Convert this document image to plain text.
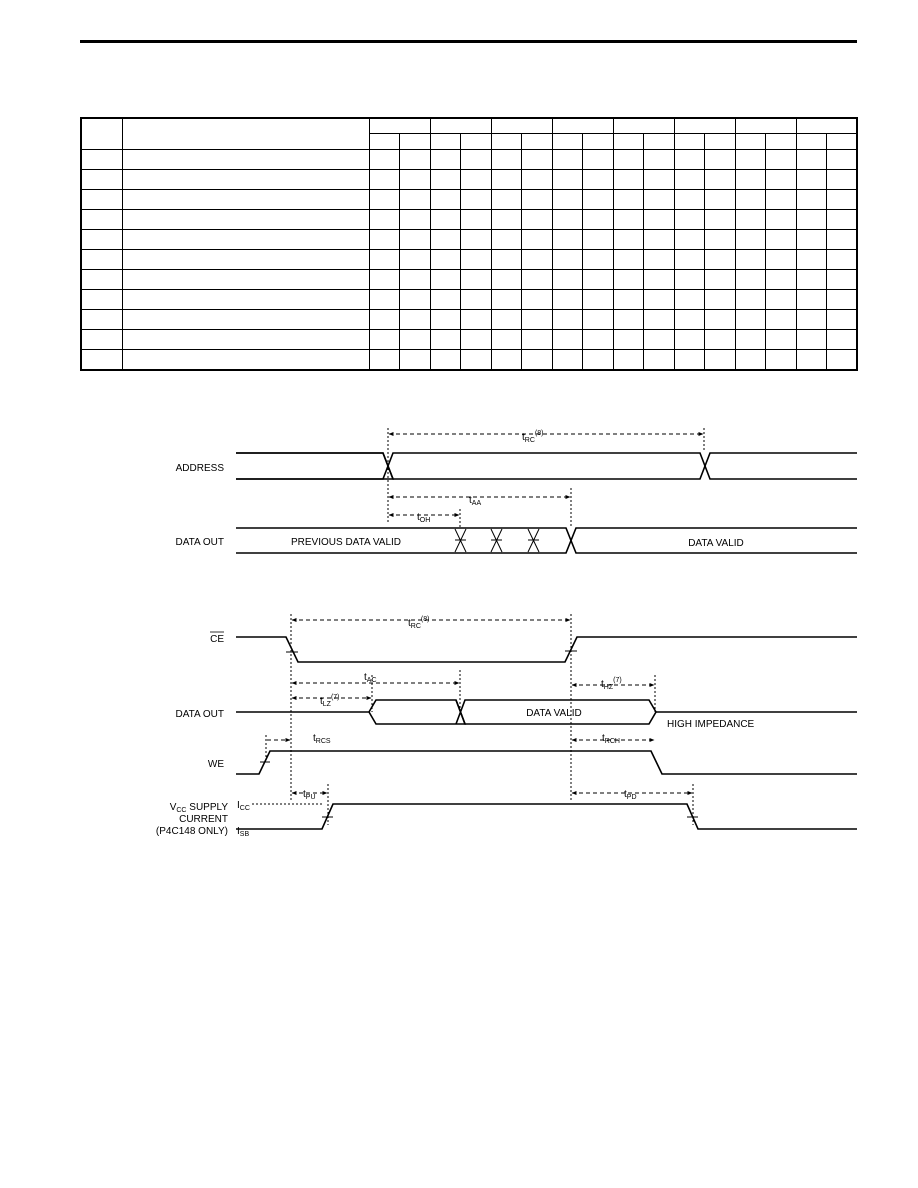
ADDRESS
DATA OUT	PREVIOUS DATA VALID	DATA VALID
$t_{RC}^{(8)}$
$t_{AA}$
$t_{OH}$
CE
DATA OUT
WE
$V_{CC}$ SUPPLY
CURRENT
(P4C148 ONLY)
$I_{CC}$
$I_{SB}$
DATA VALID
HIGH IMPEDANCE
$t_{RC}^{(8)}$
$t_{AC}$
$t_{LZ}^{(7)}$
$t_{HZ}^{(7)}$
$t_{RCS}$	$t_{RCH}$
$t_{PU}$	$t_{PD}$
